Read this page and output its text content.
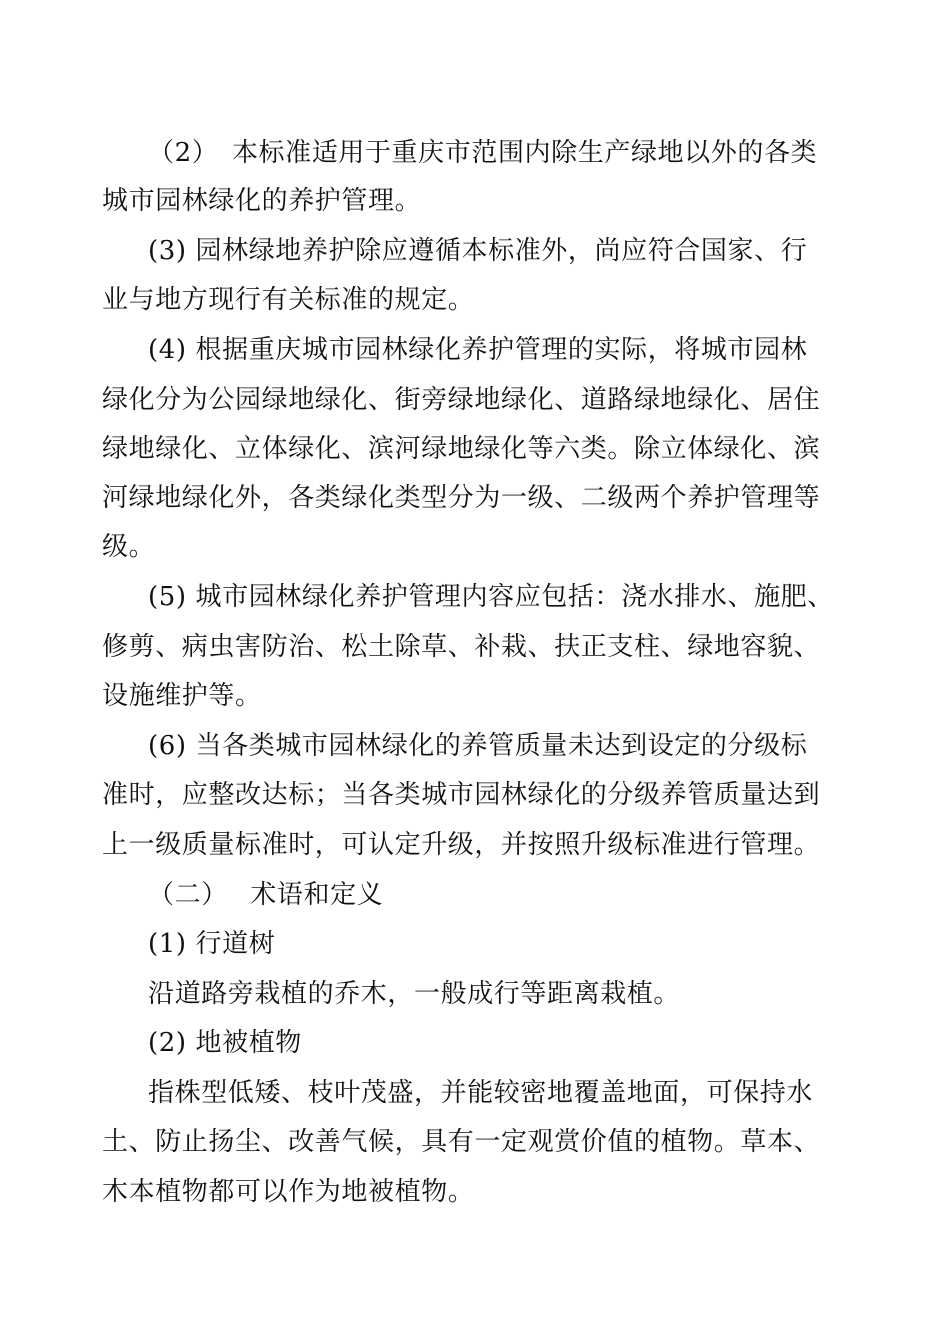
（2）　本标准适用于重庆市范围内除生产绿地以外的各类
城市园林绿化的养护管理。
(3) 园林绿地养护除应遵循本标准外，尚应符合国家、行
业与地方现行有关标准的规定。
(4) 根据重庆城市园林绿化养护管理的实际，将城市园林
绿化分为公园绿地绿化、街旁绿地绿化、道路绿地绿化、居住
绿地绿化、立体绿化、滨河绿地绿化等六类。除立体绿化、滨
河绿地绿化外，各类绿化类型分为一级、二级两个养护管理等
级。
(5) 城市园林绿化养护管理内容应包括：浇水排水、施肥、
修剪、病虫害防治、松土除草、补栽、扶正支柱、绿地容貌、
设施维护等。
(6) 当各类城市园林绿化的养管质量未达到设定的分级标
准时，应整改达标；当各类城市园林绿化的分级养管质量达到
上一级质量标准时，可认定升级，并按照升级标准进行管理。
（二）　 术语和定义
(1) 行道树
沿道路旁栽植的乔木，一般成行等距离栽植。
(2) 地被植物
指株型低矮、枝叶茂盛，并能较密地覆盖地面，可保持水
土、防止扬尘、改善气候，具有一定观赏价值的植物。草本、
木本植物都可以作为地被植物。
